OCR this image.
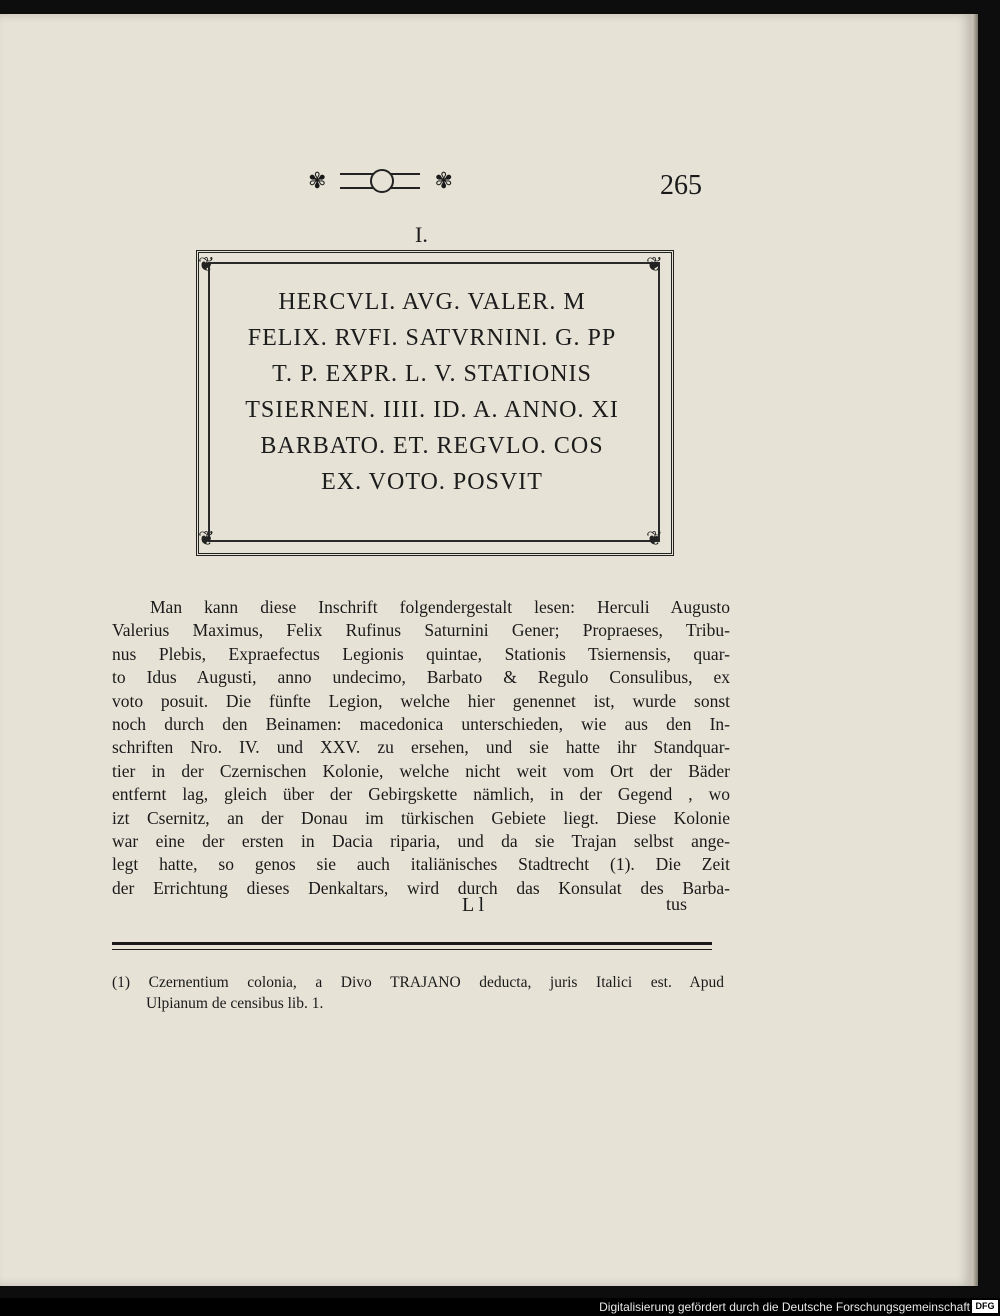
✾	✾	265
I.
❦	❦
❦	❦
HERCVLI. AVG. VALER. M
FELIX. RVFI. SATVRNINI. G. PP
T. P. EXPR. L. V. STATIONIS
TSIERNEN. IIII. ID. A. ANNO. XI
BARBATO. ET. REGVLO. COS
EX. VOTO. POSVIT
Man kann diese Inschrift folgendergestalt lesen: Herculi Augusto
Valerius Maximus, Felix Rufinus Saturnini Gener; Propraeses, Tribu-
nus Plebis, Expraefectus Legionis quintae, Stationis Tsiernensis, quar-
to Idus Augusti, anno undecimo, Barbato & Regulo Consulibus, ex
voto posuit. Die fünfte Legion, welche hier genennet ist, wurde sonst
noch durch den Beinamen: macedonica unterschieden, wie aus den In-
schriften Nro. IV. und XXV. zu ersehen, und sie hatte ihr Standquar-
tier in der Czernischen Kolonie, welche nicht weit vom Ort der Bäder
entfernt lag, gleich über der Gebirgskette nämlich, in der Gegend , wo
izt Csernitz, an der Donau im türkischen Gebiete liegt. Diese Kolonie
war eine der ersten in Dacia riparia, und da sie Trajan selbst ange-
legt hatte, so genos sie auch italiänisches Stadtrecht (1). Die Zeit
der Errichtung dieses Denkaltars, wird durch das Konsulat des Barba-
L l	tus
(1) Czernentium colonia, a Divo TRAJANO deducta, juris Italici est. Apud
Ulpianum de censibus lib. 1.
Digitalisierung gefördert durch die Deutsche Forschungsgemeinschaft DFG
